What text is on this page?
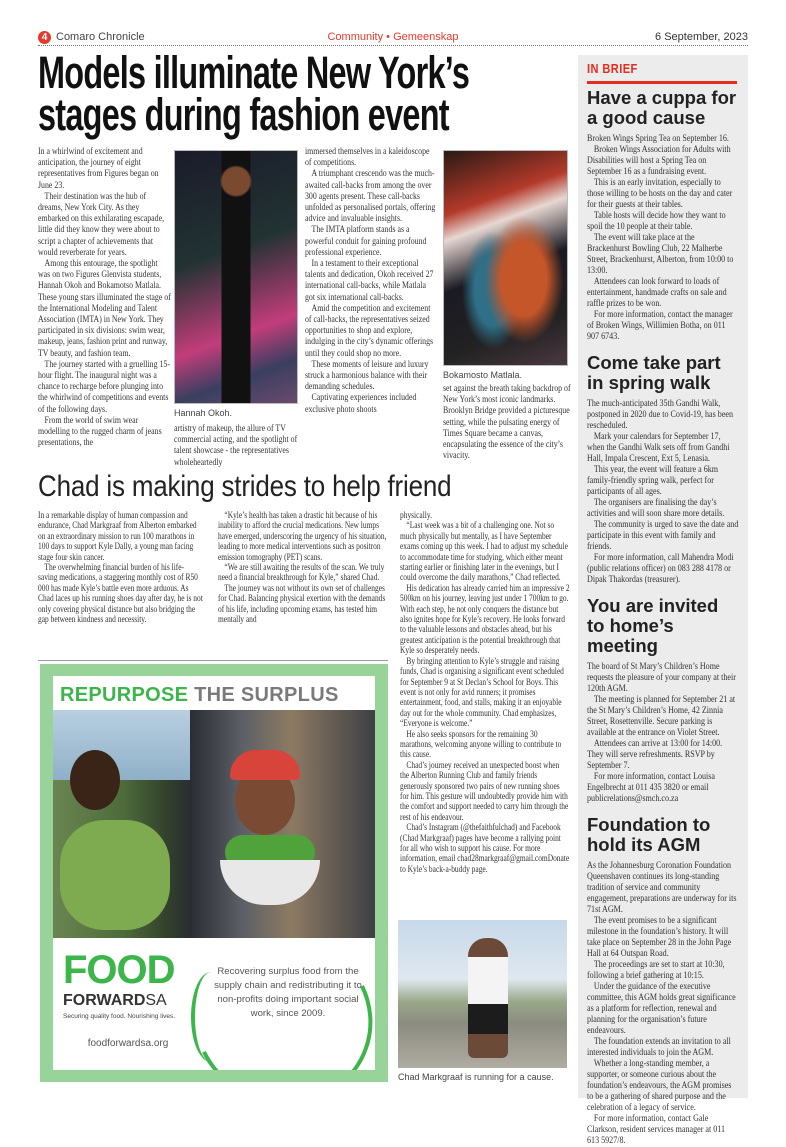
4 Comaro Chronicle	Community • Gemeenskap	6 September, 2023
Models illuminate New York’s
stages during fashion event

In a whirlwind of excitement and anticipation, the journey of eight representatives from Figures began on June 23.

Their destination was the hub of dreams, New York City. As they embarked on this exhilarating escapade, little did they know they were about to script a chapter of achievements that would reverberate for years.

Among this entourage, the spotlight was on two Figures Glenvista students, Hannah Okoh and Bokamotso Matlala. These young stars illuminated the stage of the International Modeling and Talent Association (IMTA) in New York. They participated in six divisions: swim wear, makeup, jeans, fashion print and runway, TV beauty, and fashion team.

The journey started with a gruelling 15-hour flight. The inaugural night was a chance to recharge before plunging into the whirlwind of competitions and events of the following days.

From the world of swim wear modelling to the rugged charm of jeans presentations, the

Hannah Okoh.

artistry of makeup, the allure of TV commercial acting, and the spotlight of talent showcase - the representatives wholeheartedly

immersed themselves in a kaleidoscope of competitions.

A triumphant crescendo was the much-awaited call-backs from among the over 300 agents present. These call-backs unfolded as personalised portals, offering advice and invaluable insights.

The IMTA platform stands as a powerful conduit for gaining profound professional experience.

In a testament to their exceptional talents and dedication, Okoh received 27 international call-backs, while Matlala got six international call-backs.

Amid the competition and excitement of call-backs, the representatives seized opportunities to shop and explore, indulging in the city’s dynamic offerings until they could shop no more.

These moments of leisure and luxury struck a harmonious balance with their demanding schedules.

Captivating experiences included exclusive photo shoots

Bokamosto Matlala.

set against the breath taking backdrop of New York’s most iconic landmarks. Brooklyn Bridge provided a picturesque setting, while the pulsating energy of Times Square became a canvas, encapsulating the essence of the city’s vivacity.

Chad is making strides to help friend

In a remarkable display of human compassion and endurance, Chad Markgraaf from Alberton embarked on an extraordinary mission to run 100 marathons in 100 days to support Kyle Dally, a young man facing stage four skin cancer.

The overwhelming financial burden of his life-saving medications, a staggering monthly cost of R50 000 has made Kyle’s battle even more arduous. As Chad laces up his running shoes day after day, he is not only covering physical distance but also bridging the gap between kindness and necessity.

“Kyle’s health has taken a drastic hit because of his inability to afford the crucial medications. New lumps have emerged, underscoring the urgency of his situation, leading to more medical interventions such as positron emission tomography (PET) scans.

“We are still awaiting the results of the scan. We truly need a financial breakthrough for Kyle,” shared Chad.

The journey was not without its own set of challenges for Chad. Balancing physical exertion with the demands of his life, including upcoming exams, has tested him mentally and

physically.

“Last week was a bit of a challenging one. Not so much physically but mentally, as I have September exams coming up this week. I had to adjust my schedule to accommodate time for studying, which either meant starting earlier or finishing later in the evenings, but I could overcome the daily marathons,” Chad reflected.

His dedication has already carried him an impressive 2 500km on his journey, leaving just under 1 700km to go. With each step, he not only conquers the distance but also ignites hope for Kyle’s recovery. He looks forward to the valuable lessons and obstacles ahead, but his greatest anticipation is the potential breakthrough that Kyle so desperately needs.

By bringing attention to Kyle’s struggle and raising funds, Chad is organising a significant event scheduled for September 9 at St Declan’s School for Boys. This event is not only for avid runners; it promises entertainment, food, and stalls, making it an enjoyable day out for the whole community. Chad emphasizes, “Everyone is welcome.”

He also seeks sponsors for the remaining 30 marathons, welcoming anyone willing to contribute to this cause.

Chad’s journey received an unexpected boost when the Alberton Running Club and family friends generously sponsored two pairs of new running shoes for him. This gesture will undoubtedly provide him with the comfort and support needed to carry him through the rest of his endeavour.

Chad’s Instagram (@thefaithfulchad) and Facebook (Chad Markgraaf) pages have become a rallying point for all who wish to support his cause. For more information, email chad28markgraaf@gmail.comDonate to Kyle’s back-a-buddy page.

Chad Markgraaf is running for a cause.
REPURPOSE THE SURPLUS
FOOD
FORWARDSA
Securing quality food. Nourishing lives.
foodforwardsa.org
Recovering surplus food from the supply chain and redistributing it to non-profits doing important social work, since 2009.
IN BRIEF
Have a cuppa for a good cause

Broken Wings Spring Tea on September 16.

Broken Wings Association for Adults with Disabilities will host a Spring Tea on September 16 as a fundraising event.

This is an early invitation, especially to those willing to be hosts on the day and cater for their guests at their tables.

Table hosts will decide how they want to spoil the 10 people at their table.

The event will take place at the Brackenhurst Bowling Club, 22 Malherbe Street, Brackenhurst, Alberton, from 10:00 to 13:00.

Attendees can look forward to loads of entertainment, handmade crafts on sale and raffle prizes to be won.

For more information, contact the manager of Broken Wings, Willimien Botha, on 011 907 6743.

Come take part in spring walk

The much-anticipated 35th Gandhi Walk, postponed in 2020 due to Covid-19, has been rescheduled.

Mark your calendars for September 17, when the Gandhi Walk sets off from Gandhi Hall, Impala Crescent, Ext 5, Lenasia.

This year, the event will feature a 6km family-friendly spring walk, perfect for participants of all ages.

The organisers are finalising the day’s activities and will soon share more details.

The community is urged to save the date and participate in this event with family and friends.

For more information, call Mahendra Modi (public relations officer) on 083 288 4178 or Dipak Thakordas (treasurer).

You are invited to home’s meeting

The board of St Mary’s Children’s Home requests the pleasure of your company at their 120th AGM.

The meeting is planned for September 21 at the St Mary’s Children’s Home, 42 Zinnia Street, Rosettenville. Secure parking is available at the entrance on Violet Street.

Attendees can arrive at 13:00 for 14:00. They will serve refreshments. RSVP by September 7.

For more information, contact Louisa Engelbrecht at 011 435 3820 or email publicrelations@smch.co.za

Foundation to hold its AGM

As the Johannesburg Coronation Foundation Queenshaven continues its long-standing tradition of service and community engagement, preparations are underway for its 71st AGM.

The event promises to be a significant milestone in the foundation’s history. It will take place on September 28 in the John Page Hall at 64 Outspan Road.

The proceedings are set to start at 10:30, following a brief gathering at 10:15.

Under the guidance of the executive committee, this AGM holds great significance as a platform for reflection, renewal and planning for the organisation’s future endeavours.

The foundation extends an invitation to all interested individuals to join the AGM.

Whether a long-standing member, a supporter, or someone curious about the foundation’s endeavours, the AGM promises to be a gathering of shared purpose and the celebration of a legacy of service.

For more information, contact Gale Clarkson, resident services manager at 011 613 5927/8.
